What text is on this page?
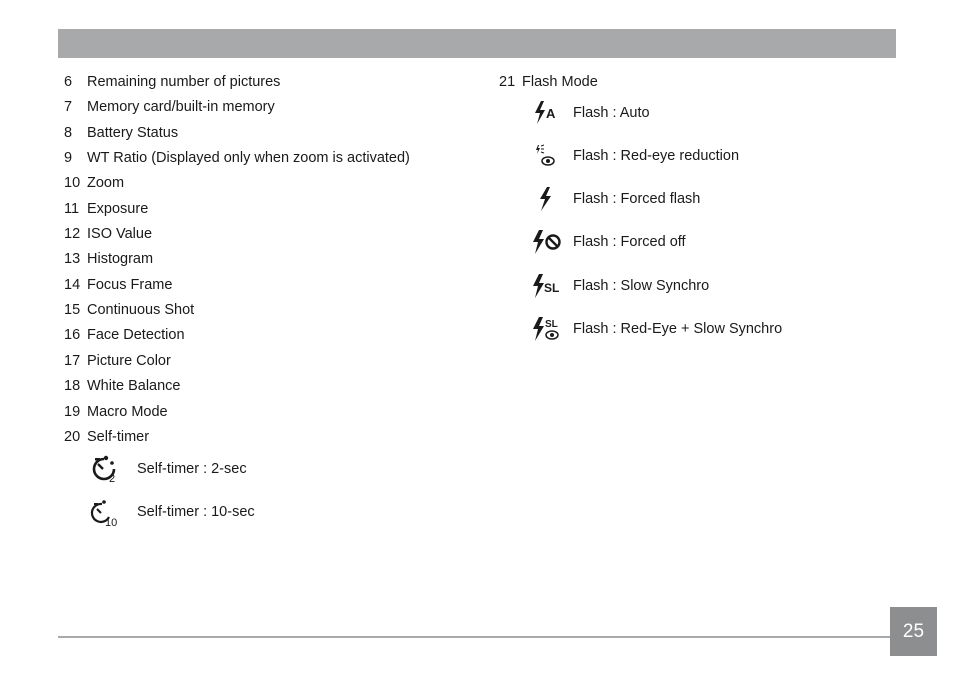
6 Remaining number of pictures
7 Memory card/built-in memory
8 Battery Status
9 WT Ratio (Displayed only when zoom is activated)
10 Zoom
11 Exposure
12 ISO Value
13 Histogram
14 Focus Frame
15 Continuous Shot
16 Face Detection
17 Picture Color
18 White Balance
19 Macro Mode
20 Self-timer
2
Self-timer : 2-sec
10
Self-timer : 10-sec
21 Flash Mode
A Flash : Auto
Flash : Red-eye reduction
Flash : Forced flash
Flash : Forced off
SL Flash : Slow Synchro
SL Flash : Red-Eye + Slow Synchro
25
